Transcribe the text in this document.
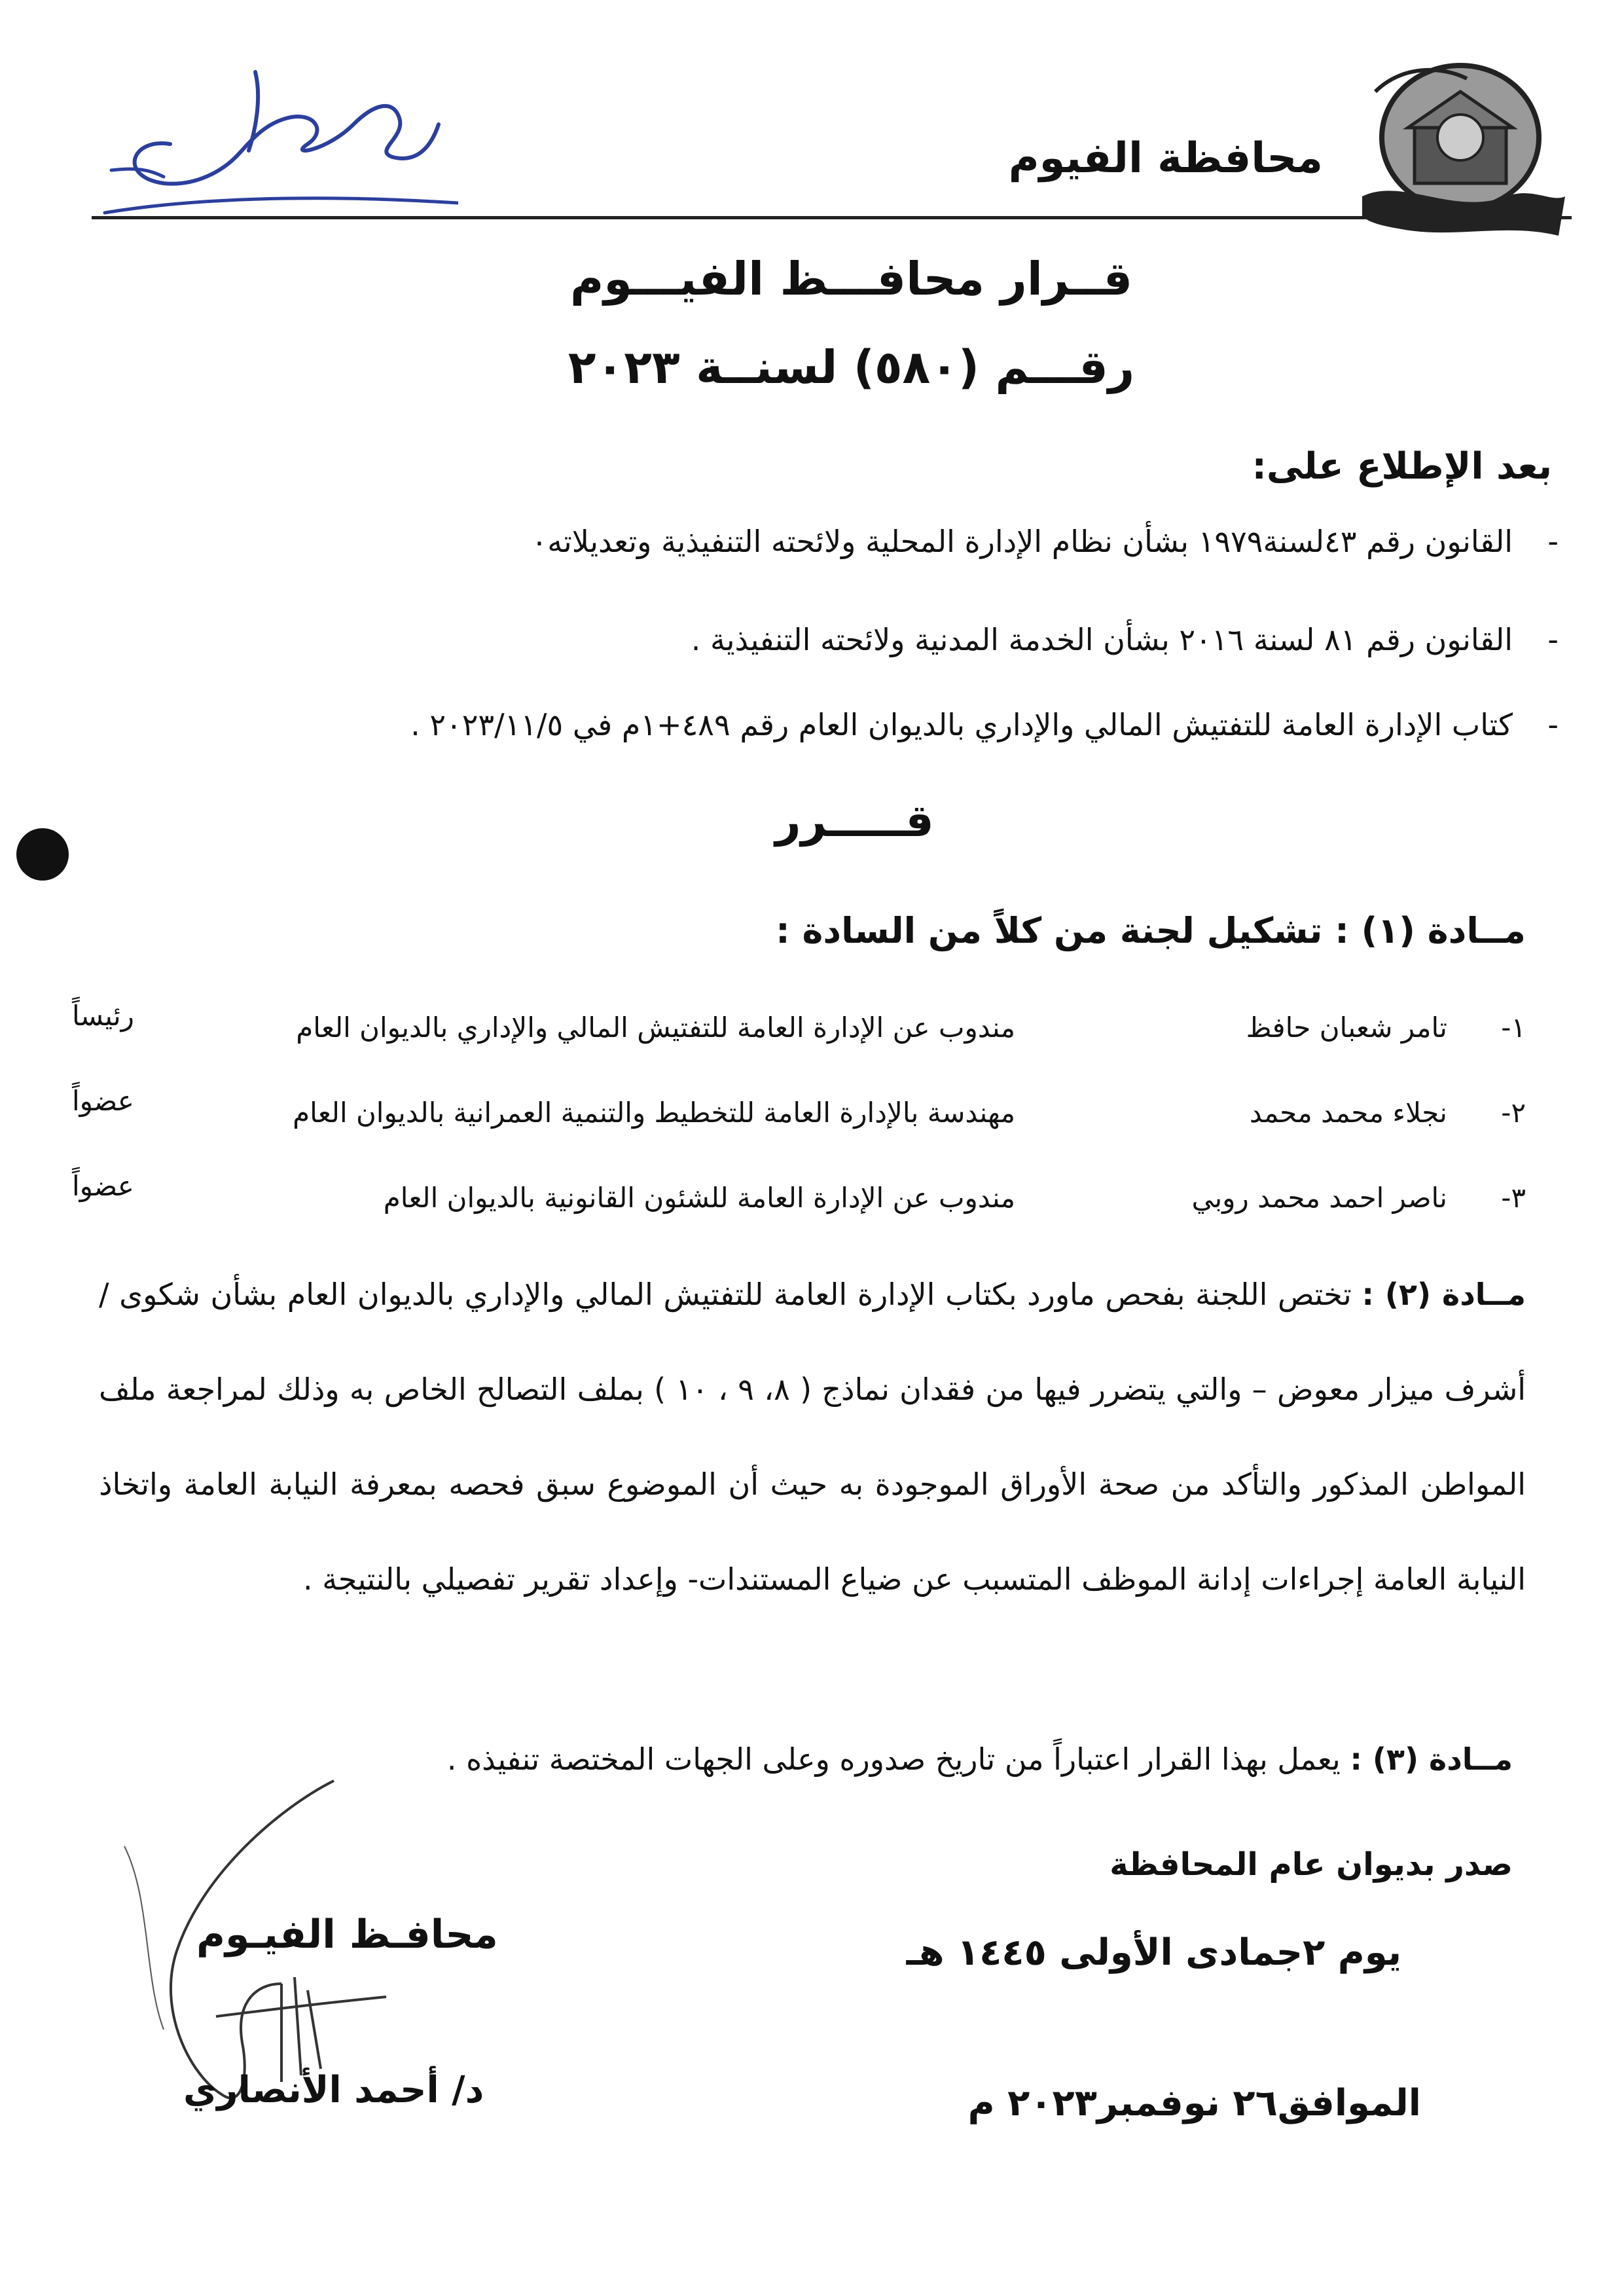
محافظة الفيوم
قــرار محافـــظ الفيـــوم
رقـــم (٥٨٠) لسنــة ٢٠٢٣
بعد الإطلاع على:
-القانون رقم ٤٣لسنة١٩٧٩ بشأن نظام الإدارة المحلية ولائحته التنفيذية وتعديلاته٠
-القانون رقم ٨١ لسنة ٢٠١٦ بشأن الخدمة المدنية ولائحته التنفيذية .
-كتاب الإدارة العامة للتفتيش المالي والإداري بالديوان العام رقم ٤٨٩+١م في ٢٠٢٣/١١/٥ .
قـــــرر
مــادة (١) : تشكيل لجنة من كلاً من السادة :
١-
تامر شعبان حافظ
مندوب عن الإدارة العامة للتفتيش المالي والإداري بالديوان العام
رئيساً
٢-
نجلاء محمد محمد
مهندسة بالإدارة العامة للتخطيط والتنمية العمرانية بالديوان العام
عضواً
٣-
ناصر احمد محمد روبي
مندوب عن الإدارة العامة للشئون القانونية بالديوان العام
عضواً
مــادة (٢) : تختص اللجنة بفحص ماورد بكتاب الإدارة العامة للتفتيش المالي والإداري بالديوان العام بشأن شكوى / أشرف ميزار معوض – والتي يتضرر فيها من فقدان نماذج ( ٨، ٩ ، ١٠ ) بملف التصالح الخاص به وذلك لمراجعة ملف المواطن المذكور والتأكد من صحة الأوراق الموجودة به حيث أن الموضوع سبق فحصه بمعرفة النيابة العامة واتخاذ النيابة العامة إجراءات إدانة الموظف المتسبب عن ضياع المستندات- وإعداد تقرير تفصيلي بالنتيجة .
مــادة (٣) : يعمل بهذا القرار اعتباراً من تاريخ صدوره وعلى الجهات المختصة تنفيذه .
صدر بديوان عام المحافظة
يوم ٢جمادى الأولى ١٤٤٥ هـ
الموافق٢٦ نوفمبر٢٠٢٣ م
محافـظ الفيـوم
د/ أحمد الأنصاري
